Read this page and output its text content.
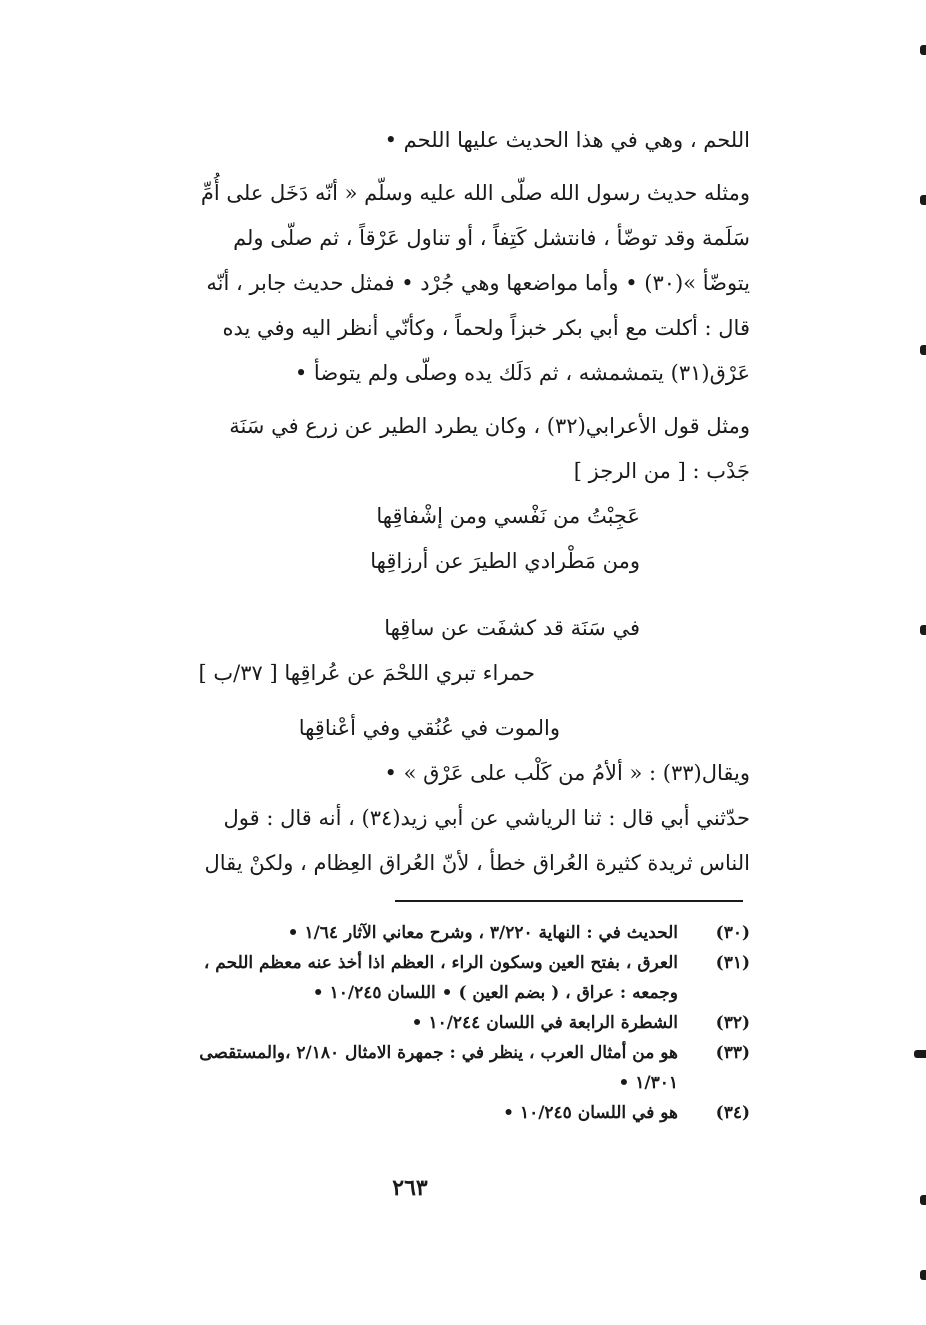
اللحم ، وهي في هذا الحديث عليها اللحم •

ومثله حديث رسول الله صلّى الله عليه وسلّم « أنّه دَخَل على أُمِّ
سَلَمة وقد توضّأ ، فانتشل كَتِفاً ، أو تناول عَرْقاً ، ثم صلّى ولم
يتوضّأ »(٣٠) • وأما مواضعها وهي جُرْد • فمثل حديث جابر ، أنّه
قال : أكلت مع أبي بكر خبزاً ولحماً ، وكأنّي أنظر اليه وفي يده
عَرْق(٣١) يتمشمشه ، ثم دَلَك يده وصلّى ولم يتوضأ •

ومثل قول الأعرابي(٣٢) ، وكان يطرد الطير عن زرع في سَنَة
جَدْب : [ من الرجز ]

عَجِبْتُ من نَفْسي ومن إشْفاقِها
ومن مَطْرادي الطيرَ عن أرزاقِها
في سَنَة قد كشفَت عن ساقِها
حمراء تبري اللحْمَ عن عُراقِها [ ٣٧/ب ]
والموت في عُنُقي وفي أعْناقِها

ويقال(٣٣) : « ألأمُ من كَلْب على عَرْق » •

حدّثني أبي قال : ثنا الرياشي عن أبي زيد(٣٤) ، أنه قال : قول
الناس ثريدة كثيرة العُراق خطأ ، لأنّ العُراق العِظام ، ولكنْ يقال

(٣٠)
الحديث في : النهاية ٣/٢٢٠ ، وشرح معاني الآثار ١/٦٤ •
(٣١)
العرق ، بفتح العين وسكون الراء ، العظم اذا أخذ عنه معظم اللحم ،
وجمعه : عراق ، ( بضم العين ) • اللسان ١٠/٢٤٥ •
(٣٢)
الشطرة الرابعة في اللسان ١٠/٢٤٤ •
(٣٣)
هو من أمثال العرب ، ينظر في : جمهرة الامثال ٢/١٨٠ ،والمستقصى
١/٣٠١ •
(٣٤)
هو في اللسان ١٠/٢٤٥ •
٢٦٣
